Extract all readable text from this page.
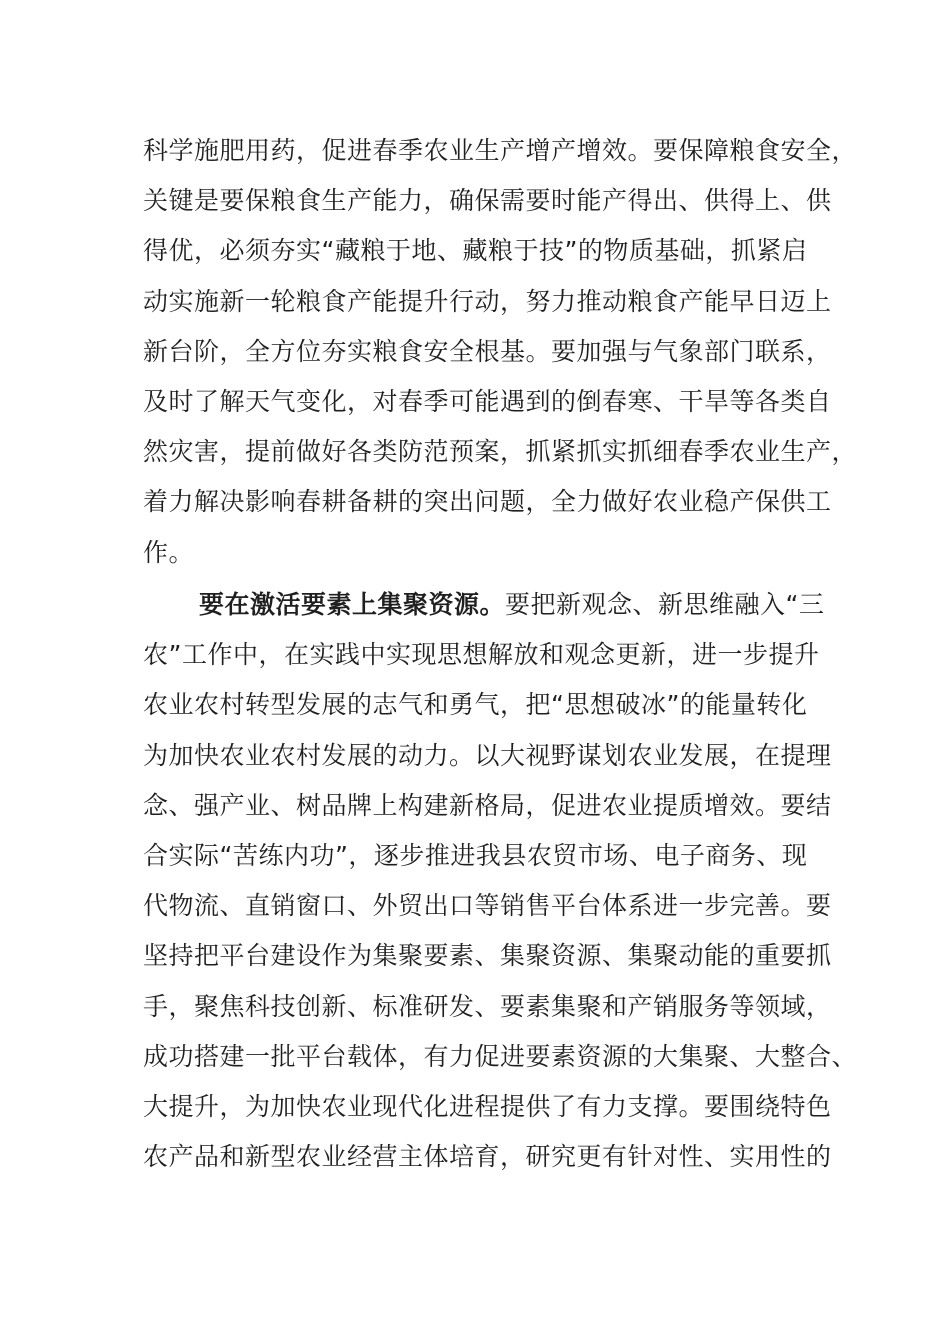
科学施肥用药，促进春季农业生产增产增效。要保障粮食安全，
关键是要保粮食生产能力，确保需要时能产得出、供得上、供
得优，必须夯实“藏粮于地、藏粮于技”的物质基础，抓紧启
动实施新一轮粮食产能提升行动，努力推动粮食产能早日迈上
新台阶，全方位夯实粮食安全根基。要加强与气象部门联系，
及时了解天气变化，对春季可能遇到的倒春寒、干旱等各类自
然灾害，提前做好各类防范预案，抓紧抓实抓细春季农业生产，
着力解决影响春耕备耕的突出问题，全力做好农业稳产保供工
作。
要在激活要素上集聚资源。要把新观念、新思维融入“三
农”工作中，在实践中实现思想解放和观念更新，进一步提升
农业农村转型发展的志气和勇气，把“思想破冰”的能量转化
为加快农业农村发展的动力。以大视野谋划农业发展，在提理
念、强产业、树品牌上构建新格局，促进农业提质增效。要结
合实际“苦练内功”，逐步推进我县农贸市场、电子商务、现
代物流、直销窗口、外贸出口等销售平台体系进一步完善。要
坚持把平台建设作为集聚要素、集聚资源、集聚动能的重要抓
手，聚焦科技创新、标准研发、要素集聚和产销服务等领域，
成功搭建一批平台载体，有力促进要素资源的大集聚、大整合、
大提升，为加快农业现代化进程提供了有力支撑。要围绕特色
农产品和新型农业经营主体培育，研究更有针对性、实用性的
